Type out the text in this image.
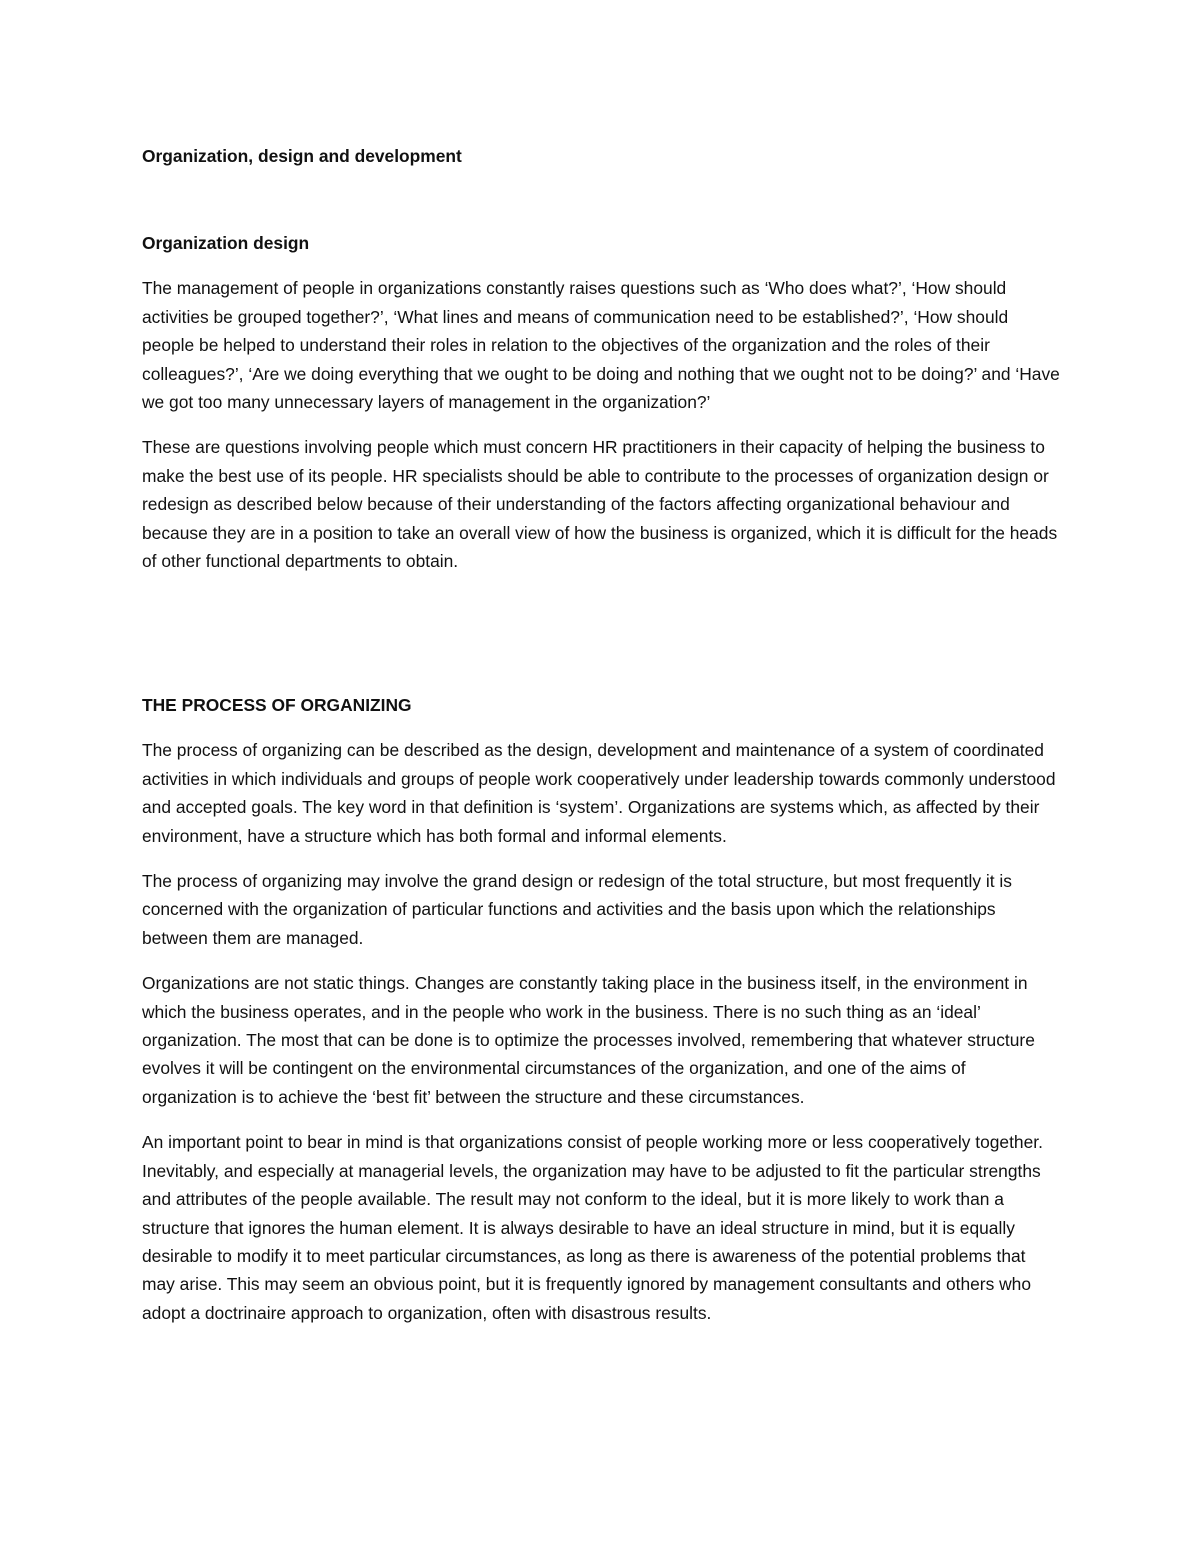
Organization, design and development
Organization design

The management of people in organizations constantly raises questions such as ‘Who does what?’, ‘How should activities be grouped together?’, ‘What lines and means of communication need to be established?’, ‘How should people be helped to understand their roles in relation to the objectives of the organization and the roles of their colleagues?’, ‘Are we doing everything that we ought to be doing and nothing that we ought not to be doing?’ and ‘Have we got too many unnecessary layers of management in the organization?’

These are questions involving people which must concern HR practitioners in their capacity of helping the business to make the best use of its people. HR specialists should be able to contribute to the processes of organization design or redesign as described below because of their understanding of the factors affecting organizational behaviour and because they are in a position to take an overall view of how the business is organized, which it is difficult for the heads of other functional departments to obtain.

THE PROCESS OF ORGANIZING

The process of organizing can be described as the design, development and maintenance of a system of coordinated activities in which individuals and groups of people work cooperatively under leadership towards commonly understood and accepted goals. The key word in that definition is ‘system’. Organizations are systems which, as affected by their environment, have a structure which has both formal and informal elements.

The process of organizing may involve the grand design or redesign of the total structure, but most frequently it is concerned with the organization of particular functions and activities and the basis upon which the relationships between them are managed.

Organizations are not static things. Changes are constantly taking place in the business itself, in the environment in which the business operates, and in the people who work in the business. There is no such thing as an ‘ideal’ organization. The most that can be done is to optimize the processes involved, remembering that whatever structure evolves it will be contingent on the environmental circumstances of the organization, and one of the aims of organization is to achieve the ‘best fit’ between the structure and these circumstances.

An important point to bear in mind is that organizations consist of people working more or less cooperatively together. Inevitably, and especially at managerial levels, the organization may have to be adjusted to fit the particular strengths and attributes of the people available. The result may not conform to the ideal, but it is more likely to work than a structure that ignores the human element. It is always desirable to have an ideal structure in mind, but it is equally desirable to modify it to meet particular circumstances, as long as there is awareness of the potential problems that may arise. This may seem an obvious point, but it is frequently ignored by management consultants and others who adopt a doctrinaire approach to organization, often with disastrous results.
